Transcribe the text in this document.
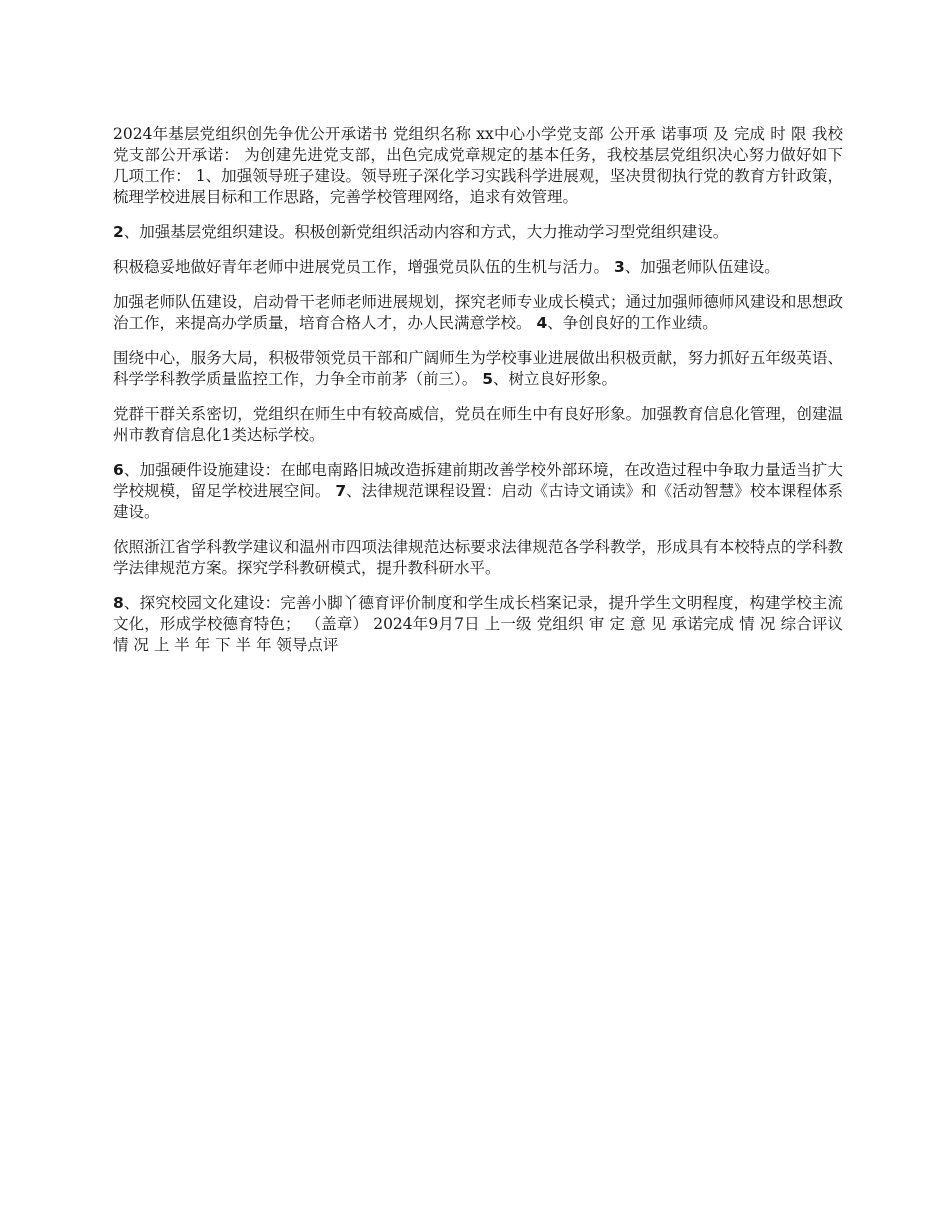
2024年基层党组织创先争优公开承诺书 党组织名称 xx中心小学党支部 公开承 诺事项 及 完成 时 限 我校党支部公开承诺： 为创建先进党支部，出色完成党章规定的基本任务，我校基层党组织决心努力做好如下几项工作： 1、加强领导班子建设。领导班子深化学习实践科学进展观，坚决贯彻执行党的教育方针政策，梳理学校进展目标和工作思路，完善学校管理网络，追求有效管理。

2、加强基层党组织建设。积极创新党组织活动内容和方式，大力推动学习型党组织建设。

积极稳妥地做好青年老师中进展党员工作，增强党员队伍的生机与活力。 3、加强老师队伍建设。

加强老师队伍建设，启动骨干老师老师进展规划，探究老师专业成长模式；通过加强师德师风建设和思想政治工作，来提高办学质量，培育合格人才，办人民满意学校。 4、争创良好的工作业绩。

围绕中心，服务大局，积极带领党员干部和广阔师生为学校事业进展做出积极贡献，努力抓好五年级英语、科学学科教学质量监控工作，力争全市前茅（前三）。 5、树立良好形象。

党群干群关系密切，党组织在师生中有较高威信，党员在师生中有良好形象。加强教育信息化管理，创建温州市教育信息化1类达标学校。

6、加强硬件设施建设：在邮电南路旧城改造拆建前期改善学校外部环境，在改造过程中争取力量适当扩大学校规模，留足学校进展空间。 7、法律规范课程设置：启动《古诗文诵读》和《活动智慧》校本课程体系建设。

依照浙江省学科教学建议和温州市四项法律规范达标要求法律规范各学科教学，形成具有本校特点的学科教学法律规范方案。探究学科教研模式，提升教科研水平。

8、探究校园文化建设：完善小脚丫德育评价制度和学生成长档案记录，提升学生文明程度，构建学校主流文化，形成学校德育特色； （盖章） 2024年9月7日 上一级 党组织 审 定 意 见 承诺完成 情 况 综合评议 情 况 上 半 年 下 半 年 领导点评
